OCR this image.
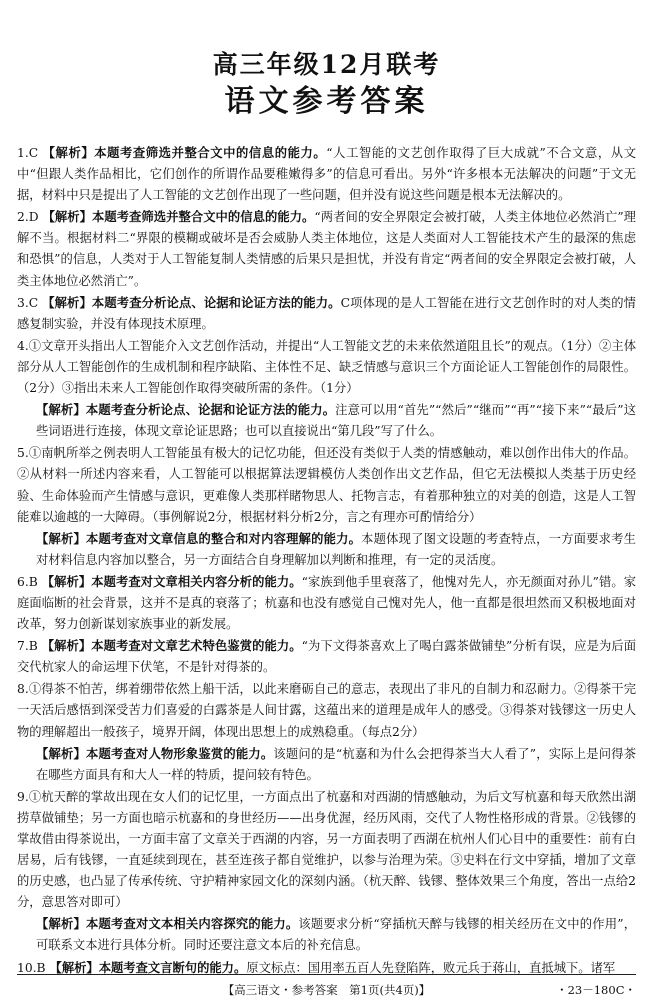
高三年级12月联考
语文参考答案

1.C 【解析】本题考查筛选并整合文中的信息的能力。“人工智能的文艺创作取得了巨大成就”不合文意，从文中“但跟人类作品相比，它们创作的所谓作品要稚嫩得多”的信息可看出。另外“许多根本无法解决的问题”于文无据，材料中只是提出了人工智能的文艺创作出现了一些问题，但并没有说这些问题是根本无法解决的。

2.D 【解析】本题考查筛选并整合文中的信息的能力。“两者间的安全界限定会被打破，人类主体地位必然消亡”理解不当。根据材料二“界限的模糊或破坏是否会威胁人类主体地位，这是人类面对人工智能技术产生的最深的焦虑和恐惧”的信息，人类对于人工智能复制人类情感的后果只是担忧，并没有肯定“两者间的安全界限定会被打破，人类主体地位必然消亡”。

3.C 【解析】本题考查分析论点、论据和论证方法的能力。C项体现的是人工智能在进行文艺创作时的对人类的情感复制实验，并没有体现技术原理。

4.①文章开头指出人工智能介入文艺创作活动，并提出“人工智能文艺的未来依然道阻且长”的观点。（1分）②主体部分从人工智能创作的生成机制和程序缺陷、主体性不足、缺乏情感与意识三个方面论证人工智能创作的局限性。（2分）③指出未来人工智能创作取得突破所需的条件。（1分）

【解析】本题考查分析论点、论据和论证方法的能力。注意可以用“首先”“然后”“继而”“再”“接下来”“最后”这些词语进行连接，体现文章论证思路；也可以直接说出“第几段”写了什么。

5.①南帆所举之例表明人工智能虽有极大的记忆功能，但还没有类似于人类的情感触动，难以创作出伟大的作品。②从材料一所述内容来看，人工智能可以根据算法逻辑模仿人类创作出文艺作品，但它无法模拟人类基于历史经验、生命体验而产生情感与意识，更难像人类那样睹物思人、托物言志，有着那种独立的对美的创造，这是人工智能难以逾越的一大障碍。（事例解说2分，根据材料分析2分，言之有理亦可酌情给分）

【解析】本题考查对文章信息的整合和对内容理解的能力。本题体现了图文设题的考查特点，一方面要求考生对材料信息内容加以整合，另一方面结合自身理解加以判断和推理，有一定的灵活度。

6.B 【解析】本题考查对文章相关内容分析的能力。“家族到他手里衰落了，他愧对先人，亦无颜面对孙儿”错。家庭面临断的社会背景，这并不是真的衰落了；杭嘉和也没有感觉自己愧对先人，他一直都是很坦然而又积极地面对改革，努力创新谋划家族事业的新发展。

7.B 【解析】本题考查对文章艺术特色鉴赏的能力。“为下文得茶喜欢上了喝白露茶做铺垫”分析有误，应是为后面交代杭家人的命运埋下伏笔，不是针对得茶的。

8.①得茶不怕苦，绑着绷带依然上船干活，以此来磨砺自己的意志，表现出了非凡的自制力和忍耐力。②得茶干完一天活后感悟到深受苦力们喜爱的白露茶是人间甘露，这蕴出来的道理是成年人的感受。③得茶对钱镠这一历史人物的理解超出一般孩子，境界开阔，体现出思想上的成熟稳重。（每点2分）

【解析】本题考查对人物形象鉴赏的能力。该题问的是“杭嘉和为什么会把得茶当大人看了”，实际上是问得茶在哪些方面具有和大人一样的特质，提问较有特色。

9.①杭天醉的掌故出现在女人们的记忆里，一方面点出了杭嘉和对西湖的情感触动，为后文写杭嘉和每天欣然出湖捞草做铺垫；另一方面也暗示杭嘉和的身世经历——出身优渥，经历风雨，交代了人物性格形成的背景。②钱镠的掌故借由得茶说出，一方面丰富了文章关于西湖的内容，另一方面表明了西湖在杭州人们心目中的重要性：前有白居易，后有钱镠，一直延续到现在，甚至连孩子都自觉维护，以参与治理为荣。③史料在行文中穿插，增加了文章的历史感，也凸显了传承传统、守护精神家园文化的深刻内涵。（杭天醉、钱镠、整体效果三个角度，答出一点给2分，意思答对即可）

【解析】本题考查对文本相关内容探究的能力。该题要求分析“穿插杭天醉与钱镠的相关经历在文中的作用”，可联系文本进行具体分析。同时还要注意文本后的补充信息。

10.B 【解析】本题考查文言断句的能力。原文标点：国用率五百人先登陷阵，败元兵于蒋山，直抵城下。诸军

【高三语文・参考答案　第1页(共4页)】	・23－180C・
